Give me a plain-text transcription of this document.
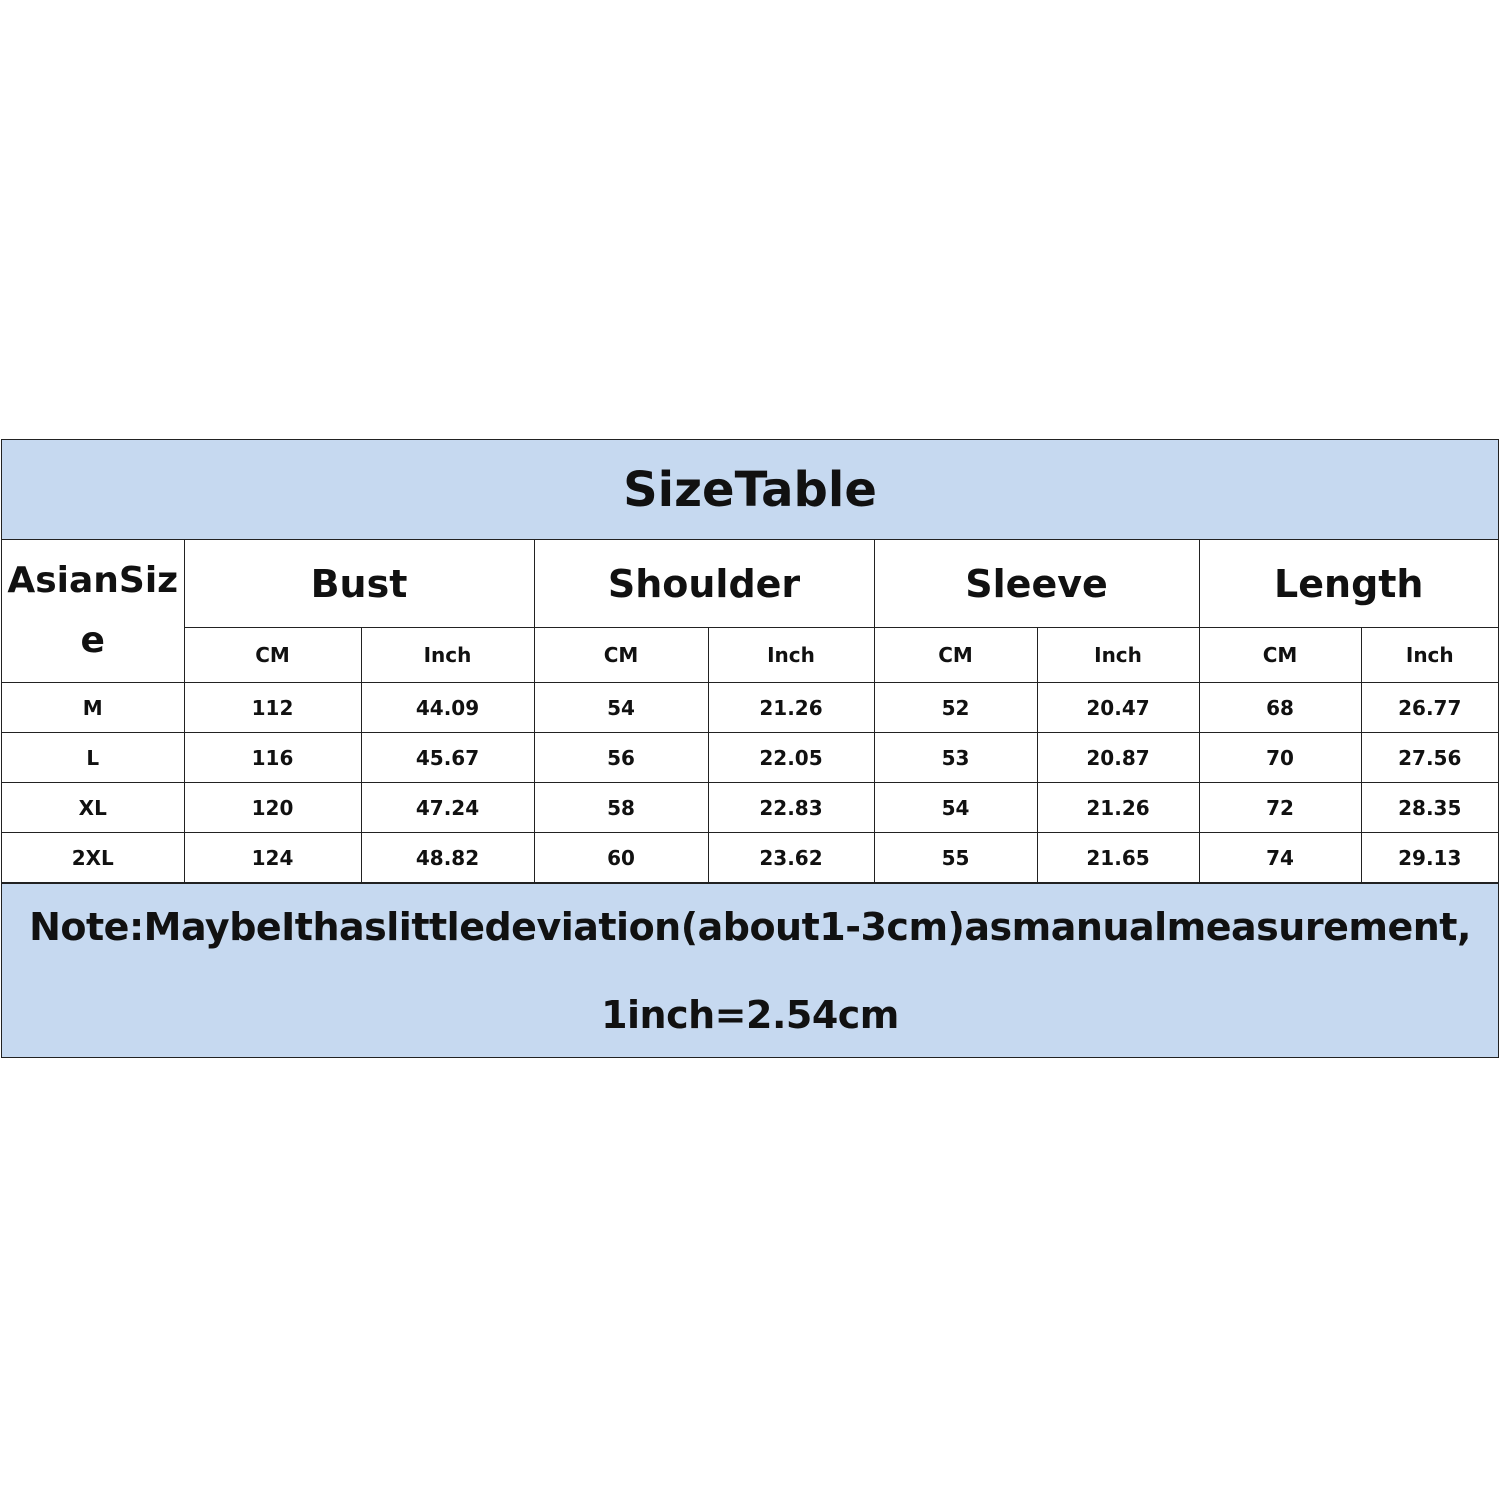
SizeTable
AsianSize	Bust		Shoulder		Sleeve		Length	
	CM	Inch	CM	Inch	CM	Inch	CM	Inch
M	112	44.09	54	21.26	52	20.47	68	26.77
L	116	45.67	56	22.05	53	20.87	70	27.56
XL	120	47.24	58	22.83	54	21.26	72	28.35
2XL	124	48.82	60	23.62	55	21.65	74	29.13
Note:MaybeIthaslittledeviation(about1-3cm)asmanualmeasurement,
1inch=2.54cm
